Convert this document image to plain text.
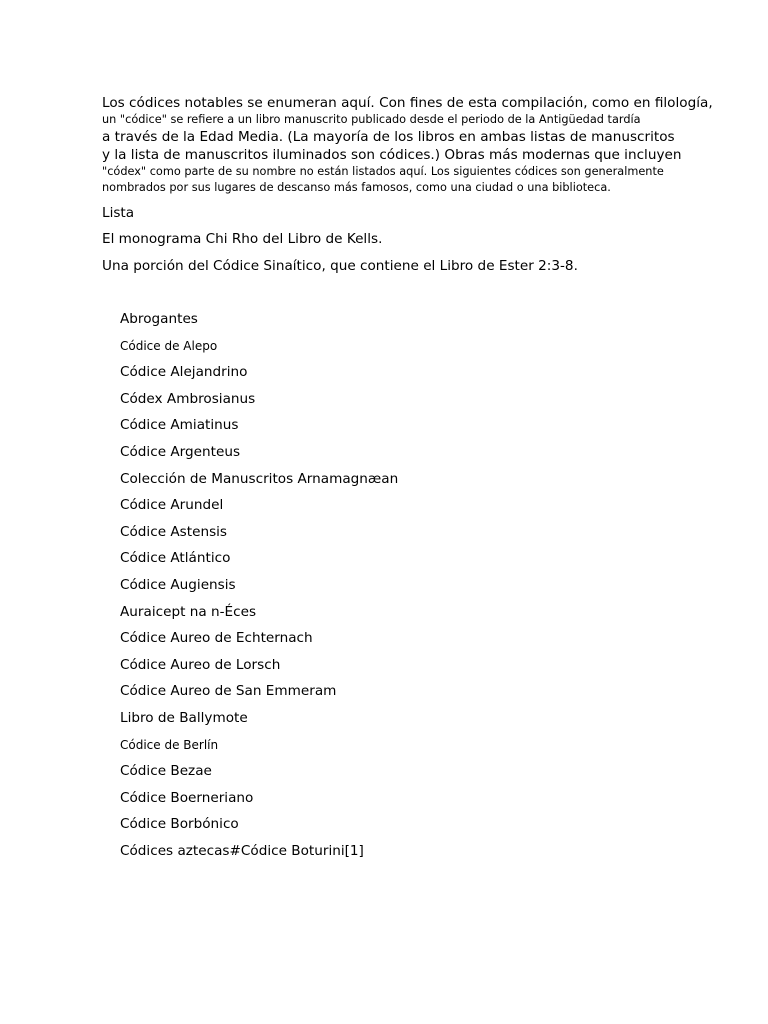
Los códices notables se enumeran aquí. Con fines de esta compilación, como en filología,
un "códice" se refiere a un libro manuscrito publicado desde el periodo de la Antigüedad tardía
a través de la Edad Media. (La mayoría de los libros en ambas listas de manuscritos
y la lista de manuscritos iluminados son códices.) Obras más modernas que incluyen
"códex" como parte de su nombre no están listados aquí. Los siguientes códices son generalmente
nombrados por sus lugares de descanso más famosos, como una ciudad o una biblioteca.
Lista
El monograma Chi Rho del Libro de Kells.
Una porción del Códice Sinaítico, que contiene el Libro de Ester 2:3-8.
Abrogantes
Códice de Alepo
Códice Alejandrino
Códex Ambrosianus
Códice Amiatinus
Códice Argenteus
Colección de Manuscritos Arnamagnæan
Códice Arundel
Códice Astensis
Códice Atlántico
Códice Augiensis
Auraicept na n-Éces
Códice Aureo de Echternach
Códice Aureo de Lorsch
Códice Aureo de San Emmeram
Libro de Ballymote
Códice de Berlín
Códice Bezae
Códice Boerneriano
Códice Borbónico
Códices aztecas#Códice Boturini[1]
